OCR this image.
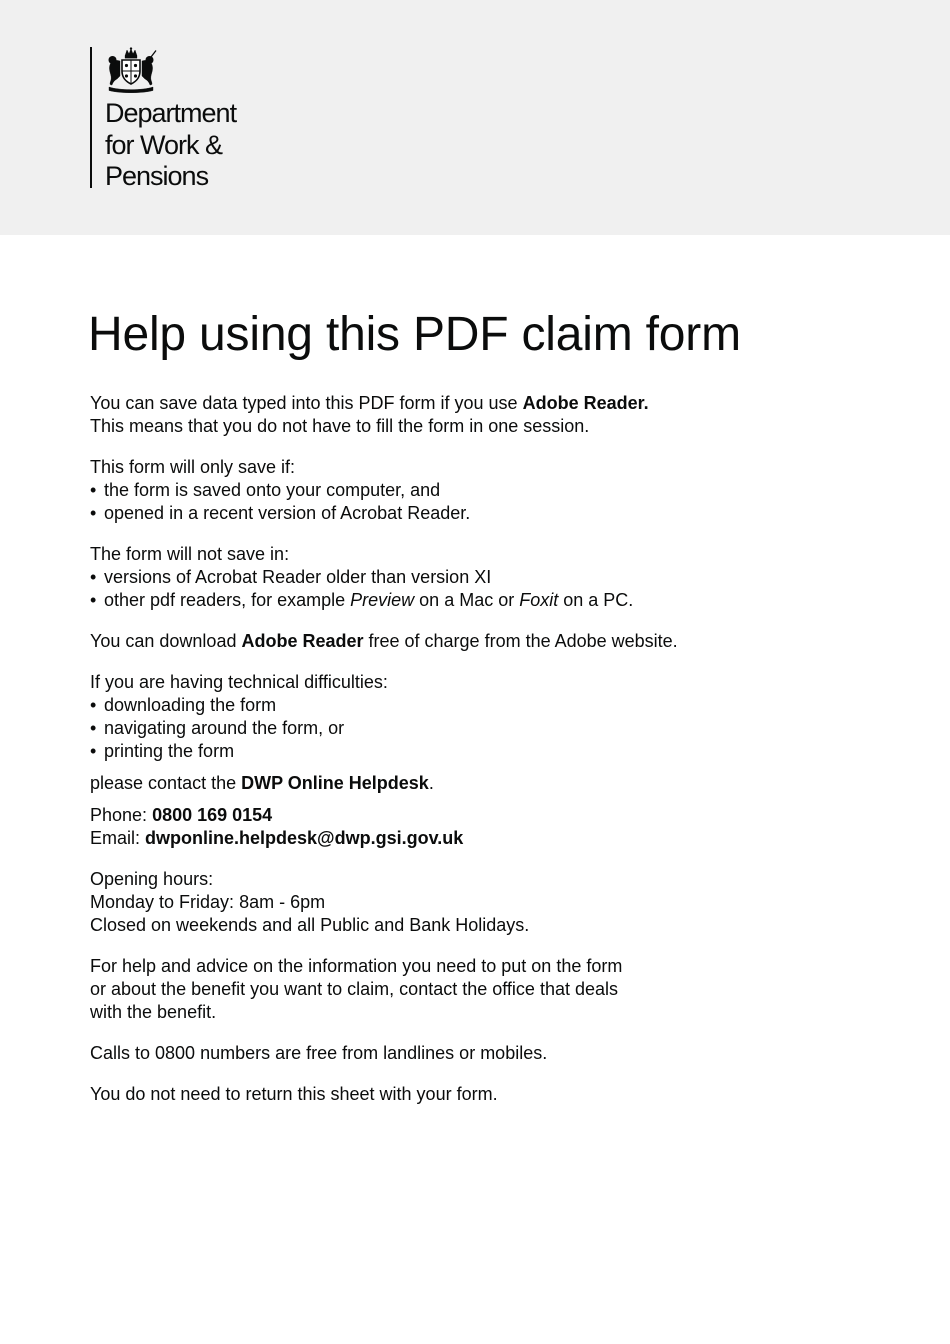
Department
for Work &
Pensions
Help using this PDF claim form

You can save data typed into this PDF form if you use Adobe Reader.

This means that you do not have to fill the form in one session.

This form will only save if:

• the form is saved onto your computer, and

• opened in a recent version of Acrobat Reader.

The form will not save in:

• versions of Acrobat Reader older than version XI

• other pdf readers, for example Preview on a Mac or Foxit on a PC.

You can download Adobe Reader free of charge from the Adobe website.

If you are having technical difficulties:

• downloading the form

• navigating around the form, or

• printing the form

please contact the DWP Online Helpdesk.

Phone: 0800 169 0154

Email: dwponline.helpdesk@dwp.gsi.gov.uk

Opening hours:

Monday to Friday: 8am - 6pm

Closed on weekends and all Public and Bank Holidays.

For help and advice on the information you need to put on the form

or about the benefit you want to claim, contact the office that deals

with the benefit.

Calls to 0800 numbers are free from landlines or mobiles.

You do not need to return this sheet with your form.
